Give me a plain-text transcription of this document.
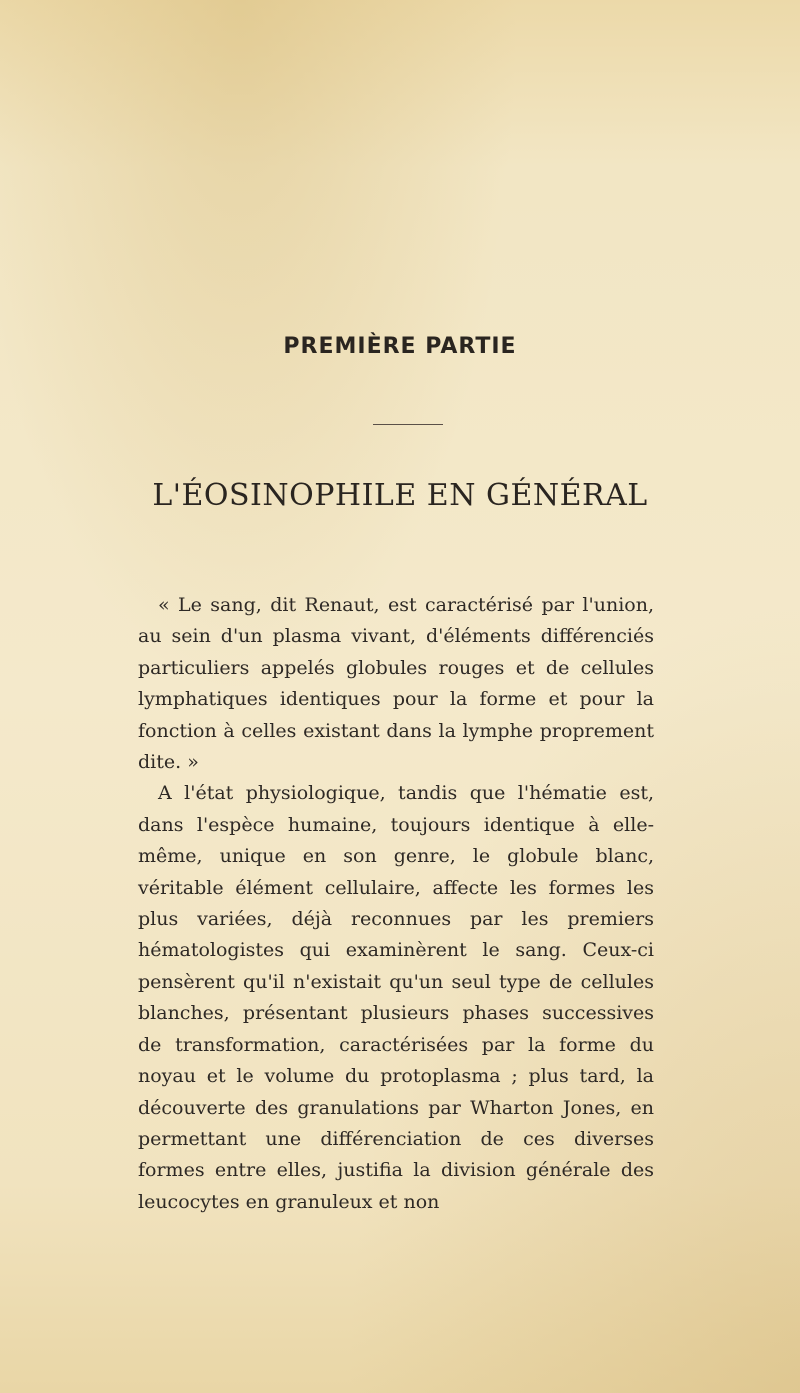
PREMIÈRE PARTIE
L'ÉOSINOPHILE EN GÉNÉRAL

« Le sang, dit Renaut, est caractérisé par l'union, au sein d'un plasma vivant, d'éléments différenciés particuliers appelés globules rouges et de cellules lymphatiques identiques pour la forme et pour la fonction à celles existant dans la lymphe proprement dite. »

A l'état physiologique, tandis que l'hématie est, dans l'espèce humaine, toujours identique à elle-même, unique en son genre, le globule blanc, véritable élément cellulaire, affecte les formes les plus variées, déjà reconnues par les premiers hématologistes qui examinèrent le sang. Ceux-ci pensèrent qu'il n'existait qu'un seul type de cellules blanches, présentant plusieurs phases successives de transformation, caractérisées par la forme du noyau et le volume du protoplasma ; plus tard, la découverte des granulations par Wharton Jones, en permettant une différenciation de ces diverses formes entre elles, justifia la division générale des leucocytes en granuleux et non
